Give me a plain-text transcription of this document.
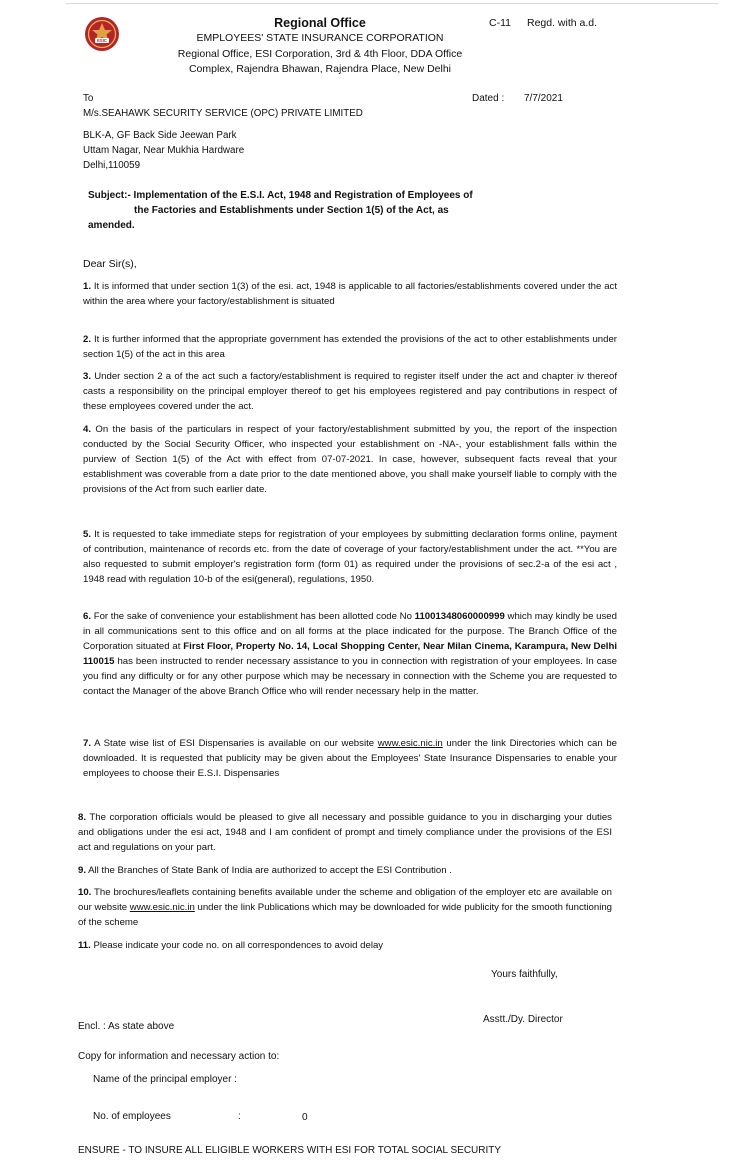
ESIC
Regional Office
EMPLOYEES' STATE INSURANCE CORPORATION
Regional Office, ESI Corporation, 3rd & 4th Floor, DDA Office
Complex, Rajendra Bhawan, Rajendra Place, New Delhi
C-11 Regd. with a.d.
To
M/s.SEAHAWK SECURITY SERVICE (OPC) PRIVATE LIMITED
BLK-A, GF Back Side Jeewan Park
Uttam Nagar, Near Mukhia Hardware
Delhi,110059
Dated : 7/7/2021
Subject:- Implementation of the E.S.I. Act, 1948 and Registration of Employees of
the Factories and Establishments under Section 1(5) of the Act, as
amended.
Dear Sir(s),
1. It is informed that under section 1(3) of the esi. act, 1948 is applicable to all factories/establishments covered under the act within the area where your factory/establishment is situated
2. It is further informed that the appropriate government has extended the provisions of the act to other establishments under section 1(5) of the act in this area
3. Under section 2 a of the act such a factory/establishment is required to register itself under the act and chapter iv thereof casts a responsibility on the principal employer thereof to get his employees registered and pay contributions in respect of these employees covered under the act.
4. On the basis of the particulars in respect of your factory/establishment submitted by you, the report of the inspection conducted by the Social Security Officer, who inspected your establishment on -NA-, your establishment falls within the purview of Section 1(5) of the Act with effect from 07-07-2021. In case, however, subsequent facts reveal that your establishment was coverable from a date prior to the date mentioned above, you shall make yourself liable to comply with the provisions of the Act from such earlier date.
5. It is requested to take immediate steps for registration of your employees by submitting declaration forms online, payment of contribution, maintenance of records etc. from the date of coverage of your factory/establishment under the act. **You are also requested to submit employer's registration form (form 01) as required under the provisions of sec.2-a of the esi act , 1948 read with regulation 10-b of the esi(general), regulations, 1950.
6. For the sake of convenience your establishment has been allotted code No 11001348060000999 which may kindly be used in all communications sent to this office and on all forms at the place indicated for the purpose. The Branch Office of the Corporation situated at First Floor, Property No. 14, Local Shopping Center, Near Milan Cinema, Karampura, New Delhi 110015 has been instructed to render necessary assistance to you in connection with registration of your employees. In case you find any difficulty or for any other purpose which may be necessary in connection with the Scheme you are requested to contact the Manager of the above Branch Office who will render necessary help in the matter.
7. A State wise list of ESI Dispensaries is available on our website www.esic.nic.in under the link Directories which can be downloaded. It is requested that publicity may be given about the Employees' State Insurance Dispensaries to enable your employees to choose their E.S.I. Dispensaries
8. The corporation officials would be pleased to give all necessary and possible guidance to you in discharging your duties and obligations under the esi act, 1948 and I am confident of prompt and timely compliance under the provisions of the ESI act and regulations on your part.
9. All the Branches of State Bank of India are authorized to accept the ESI Contribution .
10. The brochures/leaflets containing benefits available under the scheme and obligation of the employer etc are available on our website www.esic.nic.in under the link Publications which may be downloaded for wide publicity for the smooth functioning of the scheme
11. Please indicate your code no. on all correspondences to avoid delay
Yours faithfully,
Asstt./Dy. Director
Encl. : As state above
Copy for information and necessary action to:
Name of the principal employer :
No. of employees	:	0
ENSURE - TO INSURE ALL ELIGIBLE WORKERS WITH ESI FOR TOTAL SOCIAL SECURITY
